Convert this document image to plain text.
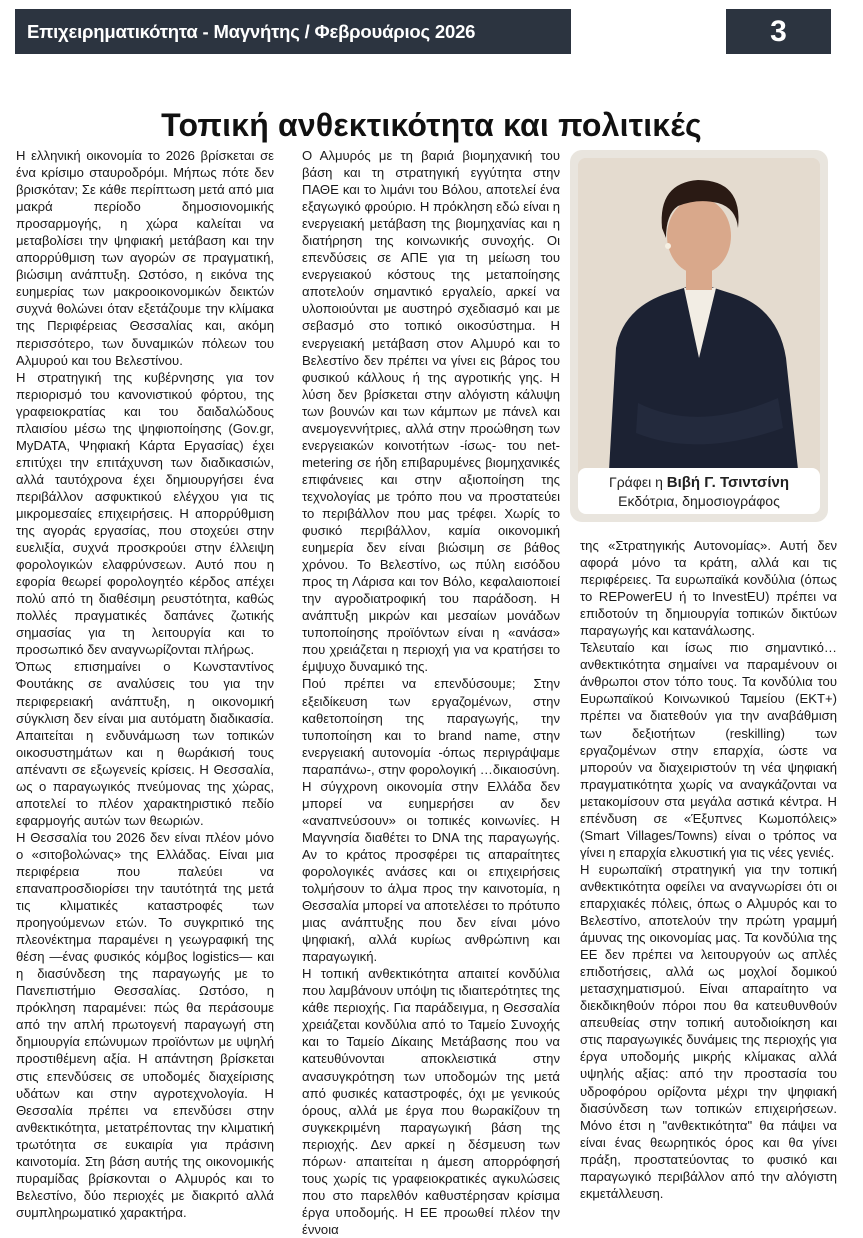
Επιχειρηματικότητα - Μαγνήτης / Φεβρουάριος 2026	3
Τοπική ανθεκτικότητα και πολιτικές

Η ελληνική οικονομία το 2026 βρίσκεται σε ένα κρίσιμο σταυροδρόμι. Μήπως πότε δεν βρισκόταν; Σε κάθε περίπτωση μετά από μια μακρά περίοδο δημοσιονομικής προσαρμογής, η χώρα καλείται να μεταβολίσει την ψηφιακή μετάβαση και την απορρύθμιση των αγορών σε πραγματική, βιώσιμη ανάπτυξη. Ωστόσο, η εικόνα της ευημερίας των μακροοικονομικών δεικτών συχνά θολώνει όταν εξετάζουμε την κλίμακα της Περιφέρειας Θεσσαλίας και, ακόμη περισσότερο, των δυναμικών πόλεων του Αλμυρού και του Βελεστίνου.

Η στρατηγική της κυβέρνησης για τον περιορισμό του κανονιστικού φόρτου, της γραφειοκρατίας και του δαιδαλώδους πλαισίου μέσω της ψηφιοποίησης (Gov.gr, MyDATA, Ψηφιακή Κάρτα Εργασίας) έχει επιτύχει την επιτάχυνση των διαδικασιών, αλλά ταυτόχρονα έχει δημιουργήσει ένα περιβάλλον ασφυκτικού ελέγχου για τις μικρομεσαίες επιχειρήσεις. Η απορρύθμιση της αγοράς εργασίας, που στοχεύει στην ευελιξία, συχνά προσκρούει στην έλλειψη φορολογικών ελαφρύνσεων. Αυτό που η εφορία θεωρεί φορολογητέο κέρδος απέχει πολύ από τη διαθέσιμη ρευστότητα, καθώς πολλές πραγματικές δαπάνες ζωτικής σημασίας για τη λειτουργία και το προσωπικό δεν αναγνωρίζονται πλήρως.

Όπως επισημαίνει ο Κωνσταντίνος Φουτάκης σε αναλύσεις του για την περιφερειακή ανάπτυξη, η οικονομική σύγκλιση δεν είναι μια αυτόματη διαδικασία. Απαιτείται η ενδυνάμωση των τοπικών οικοσυστημάτων και η θωράκισή τους απέναντι σε εξωγενείς κρίσεις. Η Θεσσαλία, ως ο παραγωγικός πνεύμονας της χώρας, αποτελεί το πλέον χαρακτηριστικό πεδίο εφαρμογής αυτών των θεωριών.

Η Θεσσαλία του 2026 δεν είναι πλέον μόνο ο «σιτοβολώνας» της Ελλάδας. Είναι μια περιφέρεια που παλεύει να επαναπροσδιορίσει την ταυτότητά της μετά τις κλιματικές καταστροφές των προηγούμενων ετών. Το συγκριτικό της πλεονέκτημα παραμένει η γεωγραφική της θέση —ένας φυσικός κόμβος logistics— και η διασύνδεση της παραγωγής με το Πανεπιστήμιο Θεσσαλίας. Ωστόσο, η πρόκληση παραμένει: πώς θα περάσουμε από την απλή πρωτογενή παραγωγή στη δημιουργία επώνυμων προϊόντων με υψηλή προστιθέμενη αξία. Η απάντηση βρίσκεται στις επενδύσεις σε υποδομές διαχείρισης υδάτων και στην αγροτεχνολογία. Η Θεσσαλία πρέπει να επενδύσει στην ανθεκτικότητα, μετατρέποντας την κλιματική τρωτότητα σε ευκαιρία για πράσινη καινοτομία. Στη βάση αυτής της οικονομικής πυραμίδας βρίσκονται ο Αλμυρός και το Βελεστίνο, δύο περιοχές με διακριτό αλλά συμπληρωματικό χαρακτήρα.

Ο Αλμυρός με τη βαριά βιομηχανική του βάση και τη στρατηγική εγγύτητα στην ΠΑΘΕ και το λιμάνι του Βόλου, αποτελεί ένα εξαγωγικό φρούριο. Η πρόκληση εδώ είναι η ενεργειακή μετάβαση της βιομηχανίας και η διατήρηση της κοινωνικής συνοχής. Οι επενδύσεις σε ΑΠΕ για τη μείωση του ενεργειακού κόστους της μεταποίησης αποτελούν σημαντικό εργαλείο, αρκεί να υλοποιούνται με αυστηρό σχεδιασμό και με σεβασμό στο τοπικό οικοσύστημα. Η ενεργειακή μετάβαση στον Αλμυρό και το Βελεστίνο δεν πρέπει να γίνει εις βάρος του φυσικού κάλλους ή της αγροτικής γης. Η λύση δεν βρίσκεται στην αλόγιστη κάλυψη των βουνών και των κάμπων με πάνελ και ανεμογεννήτριες, αλλά στην προώθηση των ενεργειακών κοινοτήτων -ίσως- του net-metering σε ήδη επιβαρυμένες βιομηχανικές επιφάνειες και στην αξιοποίηση της τεχνολογίας με τρόπο που να προστατεύει το περιβάλλον που μας τρέφει. Χωρίς το φυσικό περιβάλλον, καμία οικονομική ευημερία δεν είναι βιώσιμη σε βάθος χρόνου. Το Βελεστίνο, ως πύλη εισόδου προς τη Λάρισα και τον Βόλο, κεφαλαιοποιεί την αγροδιατροφική του παράδοση. Η ανάπτυξη μικρών και μεσαίων μονάδων τυποποίησης προϊόντων είναι η «ανάσα» που χρειάζεται η περιοχή για να κρατήσει το έμψυχο δυναμικό της.

Πού πρέπει να επενδύσουμε; Στην εξειδίκευση των εργαζομένων, στην καθετοποίηση της παραγωγής, την τυποποίηση και το brand name, στην ενεργειακή αυτονομία -όπως περιγράψαμε παραπάνω-, στην φορολογική …δικαιοσύνη.

Η σύγχρονη οικονομία στην Ελλάδα δεν μπορεί να ευημερήσει αν δεν «αναπνεύσουν» οι τοπικές κοινωνίες. Η Μαγνησία διαθέτει το DNA της παραγωγής. Αν το κράτος προσφέρει τις απαραίτητες φορολογικές ανάσες και οι επιχειρήσεις τολμήσουν το άλμα προς την καινοτομία, η Θεσσαλία μπορεί να αποτελέσει το πρότυπο μιας ανάπτυξης που δεν είναι μόνο ψηφιακή, αλλά κυρίως ανθρώπινη και παραγωγική.

Η τοπική ανθεκτικότητα απαιτεί κονδύλια που λαμβάνουν υπόψη τις ιδιαιτερότητες της κάθε περιοχής. Για παράδειγμα, η Θεσσαλία χρειάζεται κονδύλια από το Ταμείο Συνοχής και το Ταμείο Δίκαιης Μετάβασης που να κατευθύνονται αποκλειστικά στην ανασυγκρότηση των υποδομών της μετά από φυσικές καταστροφές, όχι με γενικούς όρους, αλλά με έργα που θωρακίζουν τη συγκεκριμένη παραγωγική βάση της περιοχής. Δεν αρκεί η δέσμευση των πόρων· απαιτείται η άμεση απορρόφησή τους χωρίς τις γραφειοκρατικές αγκυλώσεις που στο παρελθόν καθυστέρησαν κρίσιμα έργα υποδομής. Η ΕΕ προωθεί πλέον την έννοια

Γράφει η Βιβή Γ. Τσιντσίνη
Εκδότρια, δημοσιογράφος

της «Στρατηγικής Αυτονομίας». Αυτή δεν αφορά μόνο τα κράτη, αλλά και τις περιφέρειες. Τα ευρωπαϊκά κονδύλια (όπως το REPowerEU ή το InvestEU) πρέπει να επιδοτούν τη δημιουργία τοπικών δικτύων παραγωγής και κατανάλωσης.

Τελευταίο και ίσως πιο σημαντικό… ανθεκτικότητα σημαίνει να παραμένουν οι άνθρωποι στον τόπο τους. Τα κονδύλια του Ευρωπαϊκού Κοινωνικού Ταμείου (ΕΚΤ+) πρέπει να διατεθούν για την αναβάθμιση των δεξιοτήτων (reskilling) των εργαζομένων στην επαρχία, ώστε να μπορούν να διαχειριστούν τη νέα ψηφιακή πραγματικότητα χωρίς να αναγκάζονται να μετακομίσουν στα μεγάλα αστικά κέντρα. Η επένδυση σε «Έξυπνες Κωμοπόλεις» (Smart Villages/Towns) είναι ο τρόπος να γίνει η επαρχία ελκυστική για τις νέες γενιές.

Η ευρωπαϊκή στρατηγική για την τοπική ανθεκτικότητα οφείλει να αναγνωρίσει ότι οι επαρχιακές πόλεις, όπως ο Αλμυρός και το Βελεστίνο, αποτελούν την πρώτη γραμμή άμυνας της οικονομίας μας. Τα κονδύλια της ΕΕ δεν πρέπει να λειτουργούν ως απλές επιδοτήσεις, αλλά ως μοχλοί δομικού μετασχηματισμού. Είναι απαραίτητο να διεκδικηθούν πόροι που θα κατευθυνθούν απευθείας στην τοπική αυτοδιοίκηση και στις παραγωγικές δυνάμεις της περιοχής για έργα υποδομής μικρής κλίμακας αλλά υψηλής αξίας: από την προστασία του υδροφόρου ορίζοντα μέχρι την ψηφιακή διασύνδεση των τοπικών επιχειρήσεων. Μόνο έτσι η "ανθεκτικότητα" θα πάψει να είναι ένας θεωρητικός όρος και θα γίνει πράξη, προστατεύοντας το φυσικό και παραγωγικό περιβάλλον από την αλόγιστη εκμετάλλευση.
